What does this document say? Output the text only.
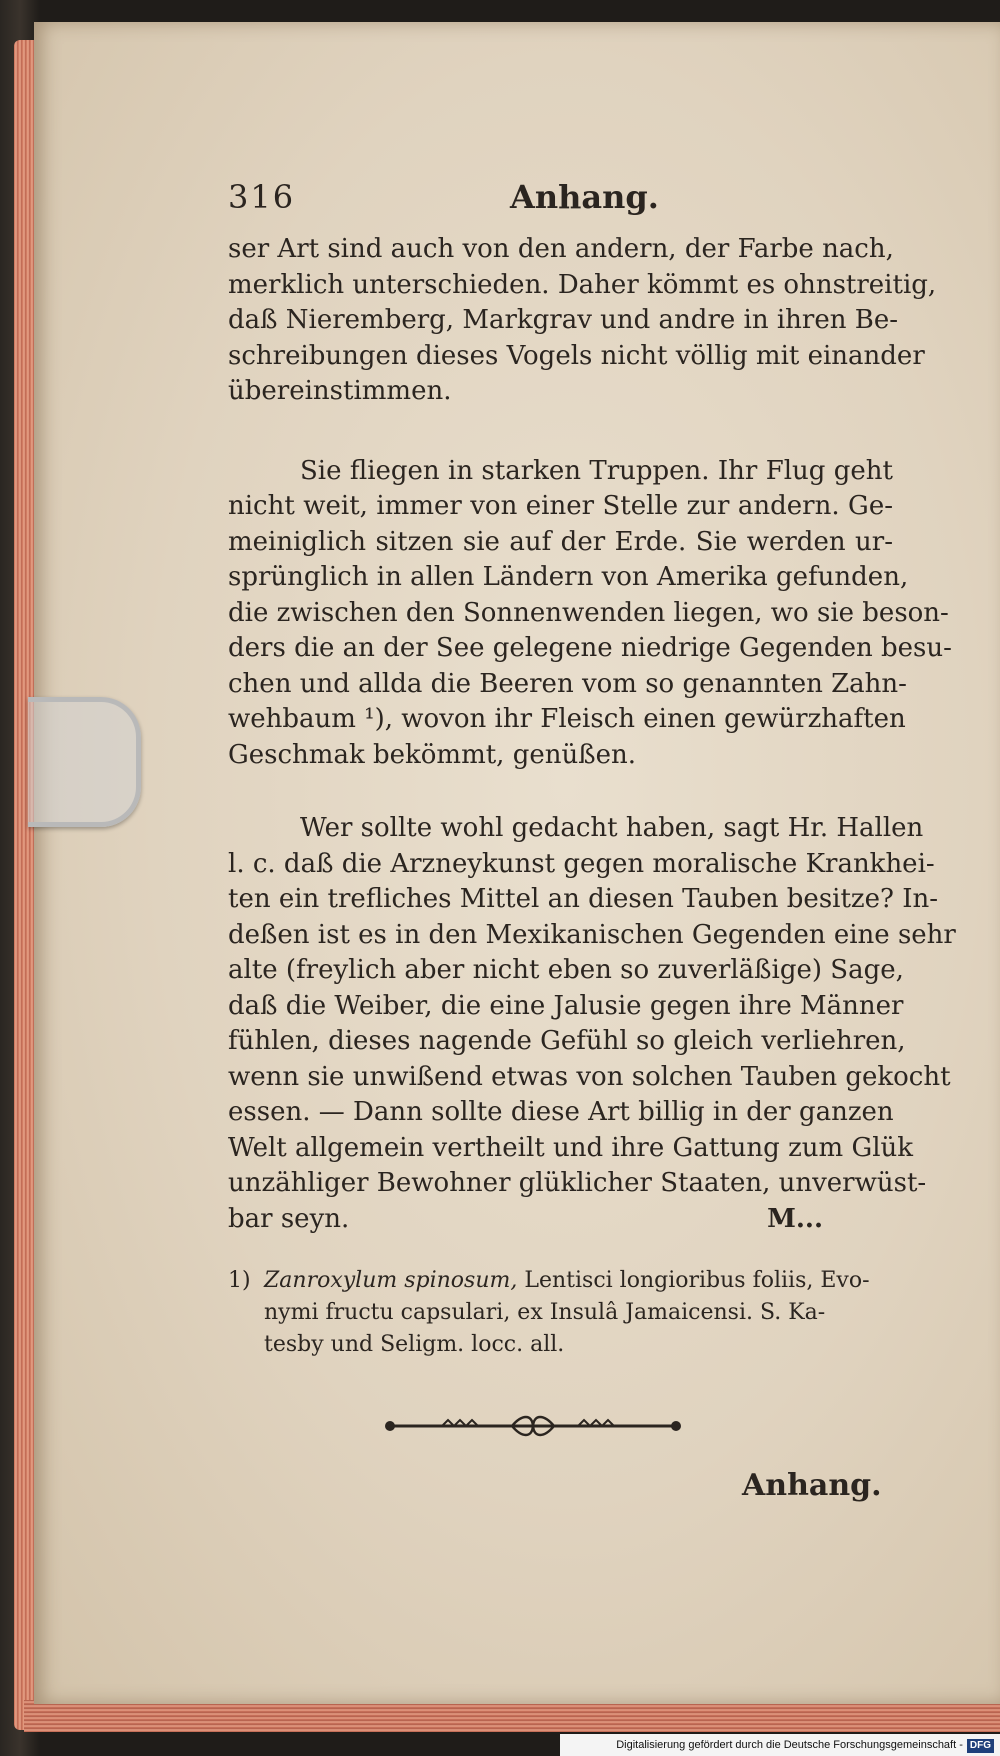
316	Anhang.

ser Art sind auch von den andern, der Farbe nach,
merklich unterschieden. Daher kömmt es ohnstreitig,
daß Nieremberg, Markgrav und andre in ihren Be-
schreibungen dieses Vogels nicht völlig mit einander
übereinstimmen.

Sie fliegen in starken Truppen. Ihr Flug geht
nicht weit, immer von einer Stelle zur andern. Ge-
meiniglich sitzen sie auf der Erde. Sie werden ur-
sprünglich in allen Ländern von Amerika gefunden,
die zwischen den Sonnenwenden liegen, wo sie beson-
ders die an der See gelegene niedrige Gegenden besu-
chen und allda die Beeren vom so genannten Zahn-
wehbaum ¹), wovon ihr Fleisch einen gewürzhaften
Geschmak bekömmt, genüßen.

Wer sollte wohl gedacht haben, sagt Hr. Hallen
l. c. daß die Arzneykunst gegen moralische Krankhei-
ten ein trefliches Mittel an diesen Tauben besitze? In-
deßen ist es in den Mexikanischen Gegenden eine sehr
alte (freylich aber nicht eben so zuverläßige) Sage,
daß die Weiber, die eine Jalusie gegen ihre Männer
fühlen, dieses nagende Gefühl so gleich verliehren,
wenn sie unwißend etwas von solchen Tauben gekocht
essen. — Dann sollte diese Art billig in der ganzen
Welt allgemein vertheilt und ihre Gattung zum Glük
unzähliger Bewohner glüklicher Staaten, unverwüst-
bar seyn.	M...

1) Zanroxylum spinosum, Lentisci longioribus foliis, Evo-
nymi fructu capsulari, ex Insulâ Jamaicensi. S. Ka-
tesby und Seligm. locc. all.
Anhang.
Digitalisierung gefördert durch die Deutsche Forschungsgemeinschaft - DFG
